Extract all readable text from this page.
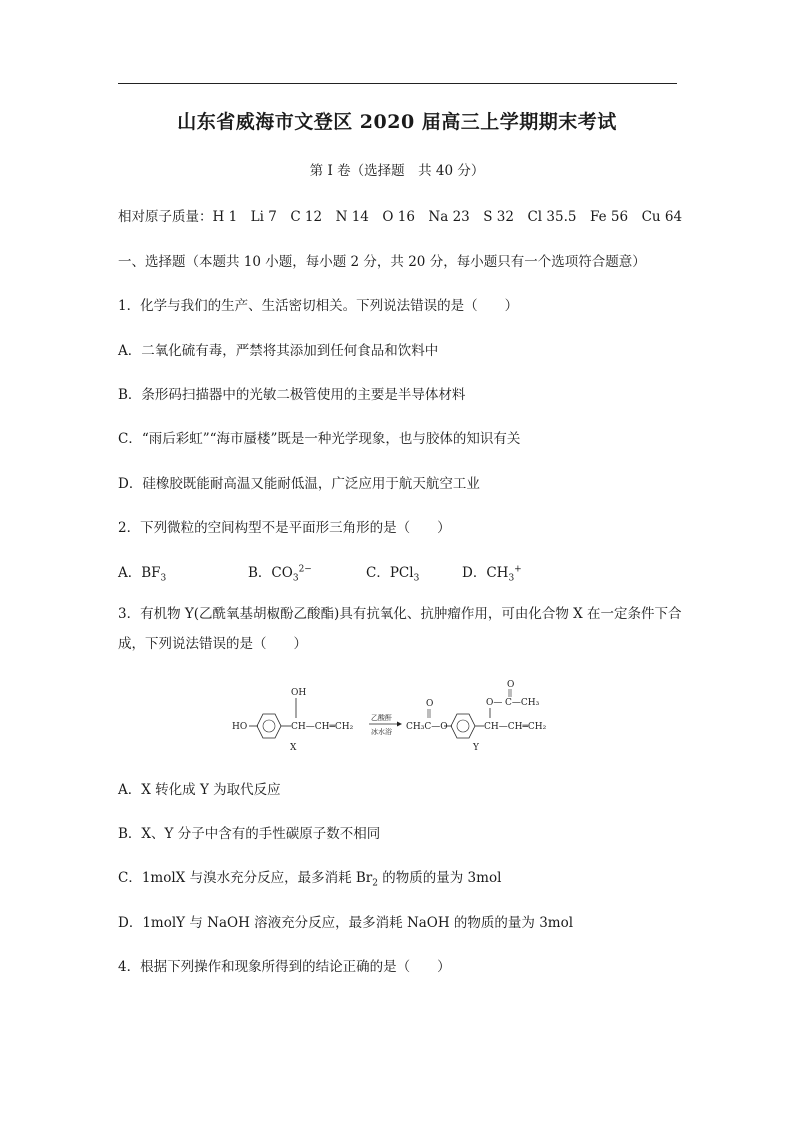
山东省威海市文登区 2020 届高三上学期期末考试
第 I 卷（选择题　共 40 分）
相对原子质量：H 1　Li 7　C 12　N 14　O 16　Na 23　S 32　Cl 35.5　Fe 56　Cu 64
一、选择题（本题共 10 小题，每小题 2 分，共 20 分，每小题只有一个选项符合题意）
1．化学与我们的生产、生活密切相关。下列说法错误的是（　　）
A．二氧化硫有毒，严禁将其添加到任何食品和饮料中
B．条形码扫描器中的光敏二极管使用的主要是半导体材料
C．“雨后彩虹”“海市蜃楼”既是一种光学现象，也与胶体的知识有关
D．硅橡胶既能耐高温又能耐低温，广泛应用于航天航空工业
2．下列微粒的空间构型不是平面形三角形的是（　　）
A．$BF_3$	B．$CO_3^{2-}$	C．PCl$_3$	D．$CH_3^+$
3．有机物 Y(乙酰氧基胡椒酚乙酸酯)具有抗氧化、抗肿瘤作用，可由化合物 X 在一定条件下合成，下列说法错误的是（　　）
HO
OH
CH—CH═CH₂
X
乙酸酐
冰水浴
O
CH₃C—O
O
O— C—CH₃
CH—CH═CH₂
Y
A．X 转化成 Y 为取代反应
B．X、Y 分子中含有的手性碳原子数不相同
C．1molX 与溴水充分反应，最多消耗 $Br_2$ 的物质的量为 3mol
D．1molY 与 NaOH 溶液充分反应，最多消耗 NaOH 的物质的量为 3mol
4．根据下列操作和现象所得到的结论正确的是（　　）
